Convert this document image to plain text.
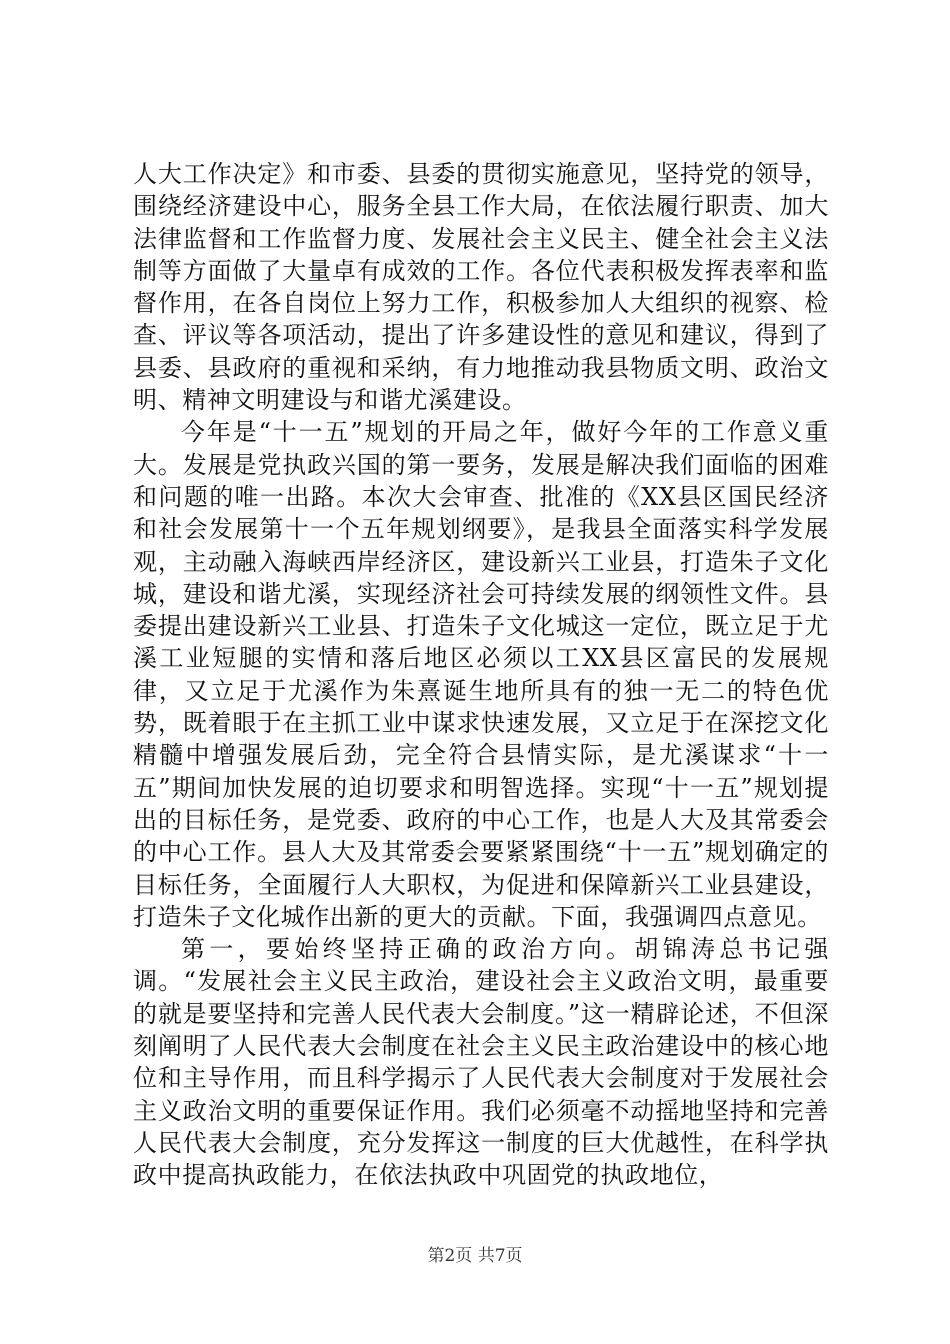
人大工作决定》和市委、县委的贯彻实施意见，坚持党的领导，围绕经济建设中心，服务全县工作大局，在依法履行职责、加大法律监督和工作监督力度、发展社会主义民主、健全社会主义法制等方面做了大量卓有成效的工作。各位代表积极发挥表率和监督作用，在各自岗位上努力工作，积极参加人大组织的视察、检查、评议等各项活动，提出了许多建设性的意见和建议，得到了县委、县政府的重视和采纳，有力地推动我县物质文明、政治文明、精神文明建设与和谐尤溪建设。

今年是“十一五”规划的开局之年，做好今年的工作意义重大。发展是党执政兴国的第一要务，发展是解决我们面临的困难和问题的唯一出路。本次大会审查、批准的《XX县区国民经济和社会发展第十一个五年规划纲要》，是我县全面落实科学发展观，主动融入海峡西岸经济区，建设新兴工业县，打造朱子文化城，建设和谐尤溪，实现经济社会可持续发展的纲领性文件。县委提出建设新兴工业县、打造朱子文化城这一定位，既立足于尤溪工业短腿的实情和落后地区必须以工XX县区富民的发展规律，又立足于尤溪作为朱熹诞生地所具有的独一无二的特色优势，既着眼于在主抓工业中谋求快速发展，又立足于在深挖文化精髓中增强发展后劲，完全符合县情实际，是尤溪谋求“十一五”期间加快发展的迫切要求和明智选择。实现“十一五”规划提出的目标任务，是党委、政府的中心工作，也是人大及其常委会的中心工作。县人大及其常委会要紧紧围绕“十一五”规划确定的目标任务，全面履行人大职权，为促进和保障新兴工业县建设，打造朱子文化城作出新的更大的贡献。下面，我强调四点意见。

第一，要始终坚持正确的政治方向。胡锦涛总书记强调。“发展社会主义民主政治，建设社会主义政治文明，最重要的就是要坚持和完善人民代表大会制度。”这一精辟论述，不但深刻阐明了人民代表大会制度在社会主义民主政治建设中的核心地位和主导作用，而且科学揭示了人民代表大会制度对于发展社会主义政治文明的重要保证作用。我们必须毫不动摇地坚持和完善人民代表大会制度，充分发挥这一制度的巨大优越性，在科学执政中提高执政能力，在依法执政中巩固党的执政地位，

第2页 共7页
